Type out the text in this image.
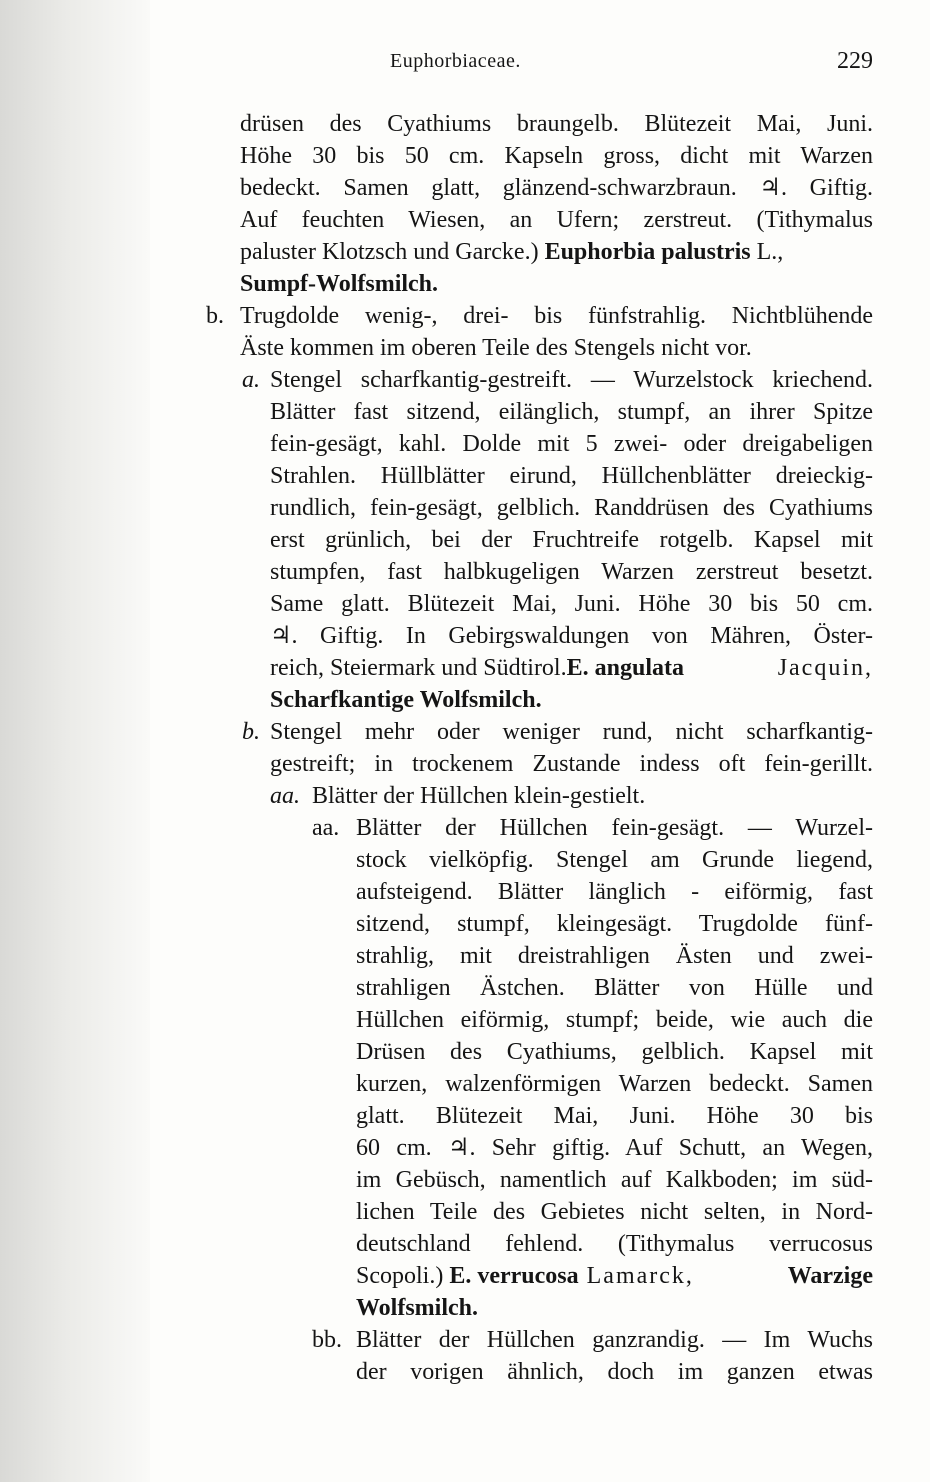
Euphorbiaceae.	229
drüsen des Cyathiums braungelb. Blütezeit Mai, Juni.
Höhe 30 bis 50 cm. Kapseln gross, dicht mit Warzen
bedeckt. Samen glatt, glänzend-schwarzbraun. ♃. Giftig.
Auf feuchten Wiesen, an Ufern; zerstreut. (Tithymalus
paluster Klotzsch und Garcke.) Euphorbia palustris L.,
Sumpf-Wolfsmilch.
b. Trugdolde wenig-, drei- bis fünfstrahlig. Nichtblühende
Äste kommen im oberen Teile des Stengels nicht vor.
a. Stengel scharfkantig-gestreift. — Wurzelstock kriechend.
Blätter fast sitzend, eilänglich, stumpf, an ihrer Spitze
fein-gesägt, kahl. Dolde mit 5 zwei- oder dreigabeligen
Strahlen. Hüllblätter eirund, Hüllchenblätter dreieckig-
rundlich, fein-gesägt, gelblich. Randdrüsen des Cyathiums
erst grünlich, bei der Fruchtreife rotgelb. Kapsel mit
stumpfen, fast halbkugeligen Warzen zerstreut besetzt.
Same glatt. Blütezeit Mai, Juni. Höhe 30 bis 50 cm.
♃. Giftig. In Gebirgswaldungen von Mähren, Öster-
reich, Steiermark und Südtirol. E. angulata	Jacquin,
Scharfkantige Wolfsmilch.
b. Stengel mehr oder weniger rund, nicht scharfkantig-
gestreift; in trockenem Zustande indess oft fein-gerillt.
aa. Blätter der Hüllchen klein-gestielt.
aa. Blätter der Hüllchen fein-gesägt. — Wurzel-
stock vielköpfig. Stengel am Grunde liegend,
aufsteigend. Blätter länglich - eiförmig, fast
sitzend, stumpf, kleingesägt. Trugdolde fünf-
strahlig, mit dreistrahligen Ästen und zwei-
strahligen Ästchen. Blätter von Hülle und
Hüllchen eiförmig, stumpf; beide, wie auch die
Drüsen des Cyathiums, gelblich. Kapsel mit
kurzen, walzenförmigen Warzen bedeckt. Samen
glatt. Blütezeit Mai, Juni. Höhe 30 bis
60 cm. ♃. Sehr giftig. Auf Schutt, an Wegen,
im Gebüsch, namentlich auf Kalkboden; im süd-
lichen Teile des Gebietes nicht selten, in Nord-
deutschland fehlend. (Tithymalus verrucosus
Scopoli.) E. verrucosa Lamarck,	Warzige
Wolfsmilch.
bb. Blätter der Hüllchen ganzrandig. — Im Wuchs
der vorigen ähnlich, doch im ganzen etwas
